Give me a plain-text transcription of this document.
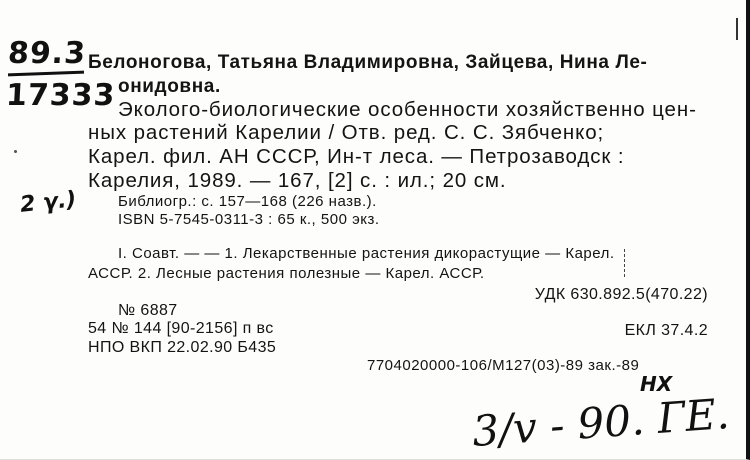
89.3
17333
2 γ.)
Белоногова, Татьяна Владимировна, Зайцева, Нина Ле-
онидовна.
Эколого-биологические особенности хозяйственно цен-
ных растений Карелии / Отв. ред. С. С. Зябченко;
Карел. фил. АН СССР, Ин-т леса. — Петрозаводск :
Карелия, 1989. — 167, [2] с. : ил.; 20 см.
Библиогр.: с. 157—168 (226 назв.).
ISBN 5-7545-0311-3 : 65 к., 500 экз.
I. Соавт. — — 1. Лекарственные растения дикорастущие — Карел.
АССР. 2. Лесные растения полезные — Карел. АССР.
УДК 630.892.5(470.22)
№ 6887
54 № 144 [90-2156] п вс	ЕКЛ 37.4.2
НПО ВКП 22.02.90 Б435
7704020000-106/М127(03)-89 зак.-89
НХ
3/v - 90. ГЕ.
